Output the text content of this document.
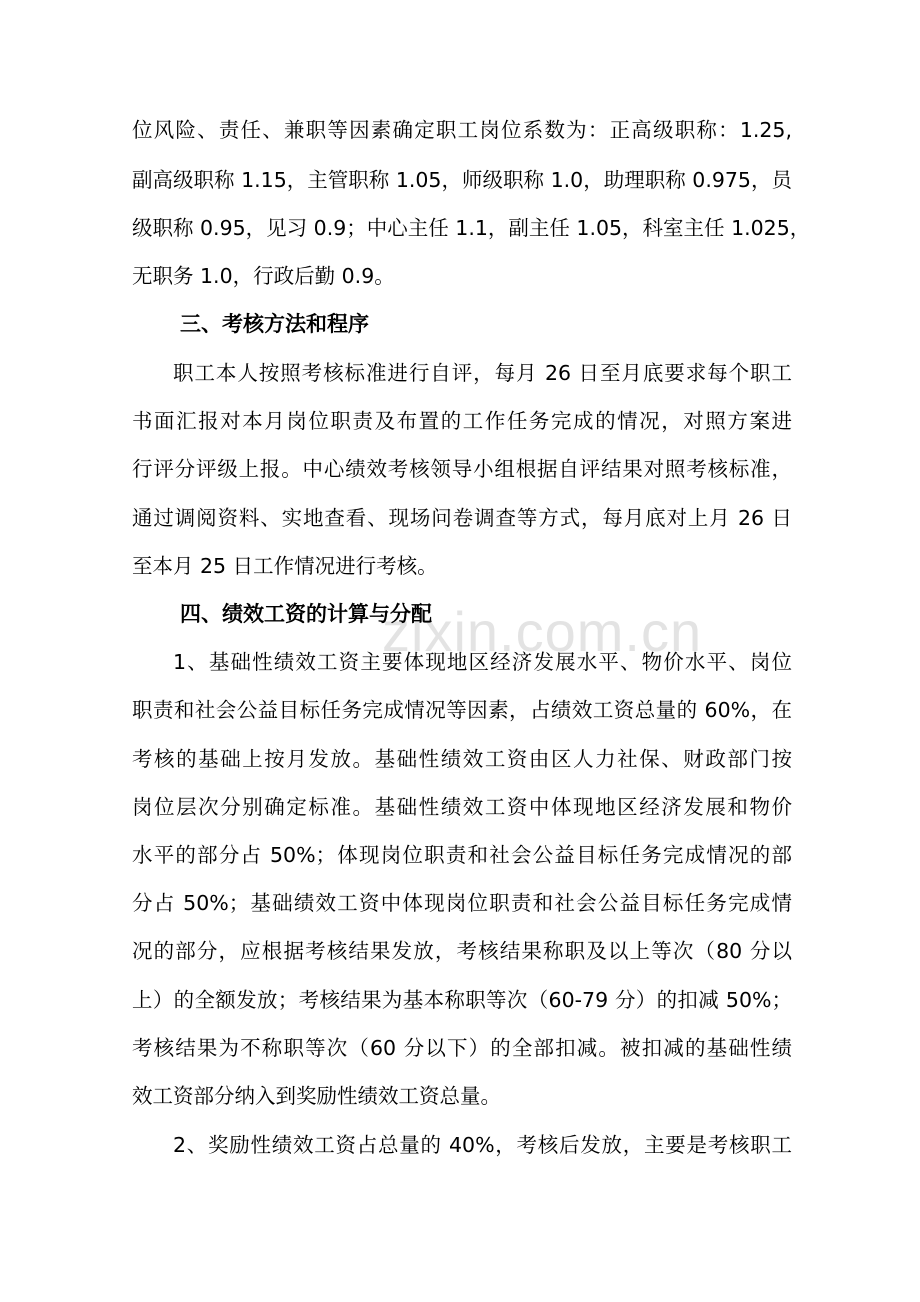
zixin.com.cn
位风险、责任、兼职等因素确定职工岗位系数为：正高级职称：1.25,
副高级职称 1.15，主管职称 1.05，师级职称 1.0，助理职称 0.975，员
级职称 0.95，见习 0.9；中心主任 1.1，副主任 1.05，科室主任 1.025，
无职务 1.0，行政后勤 0.9。
三、考核方法和程序
职工本人按照考核标准进行自评，每月 26 日至月底要求每个职工
书面汇报对本月岗位职责及布置的工作任务完成的情况，对照方案进
行评分评级上报。中心绩效考核领导小组根据自评结果对照考核标准，
通过调阅资料、实地查看、现场问卷调查等方式，每月底对上月 26 日
至本月 25 日工作情况进行考核。
四、绩效工资的计算与分配
1、基础性绩效工资主要体现地区经济发展水平、物价水平、岗位
职责和社会公益目标任务完成情况等因素，占绩效工资总量的 60%，在
考核的基础上按月发放。基础性绩效工资由区人力社保、财政部门按
岗位层次分别确定标准。基础性绩效工资中体现地区经济发展和物价
水平的部分占 50%；体现岗位职责和社会公益目标任务完成情况的部
分占 50%；基础绩效工资中体现岗位职责和社会公益目标任务完成情
况的部分，应根据考核结果发放，考核结果称职及以上等次（80 分以
上）的全额发放；考核结果为基本称职等次（60-79 分）的扣减 50%；
考核结果为不称职等次（60 分以下）的全部扣减。被扣减的基础性绩
效工资部分纳入到奖励性绩效工资总量。
2、奖励性绩效工资占总量的 40%，考核后发放，主要是考核职工
